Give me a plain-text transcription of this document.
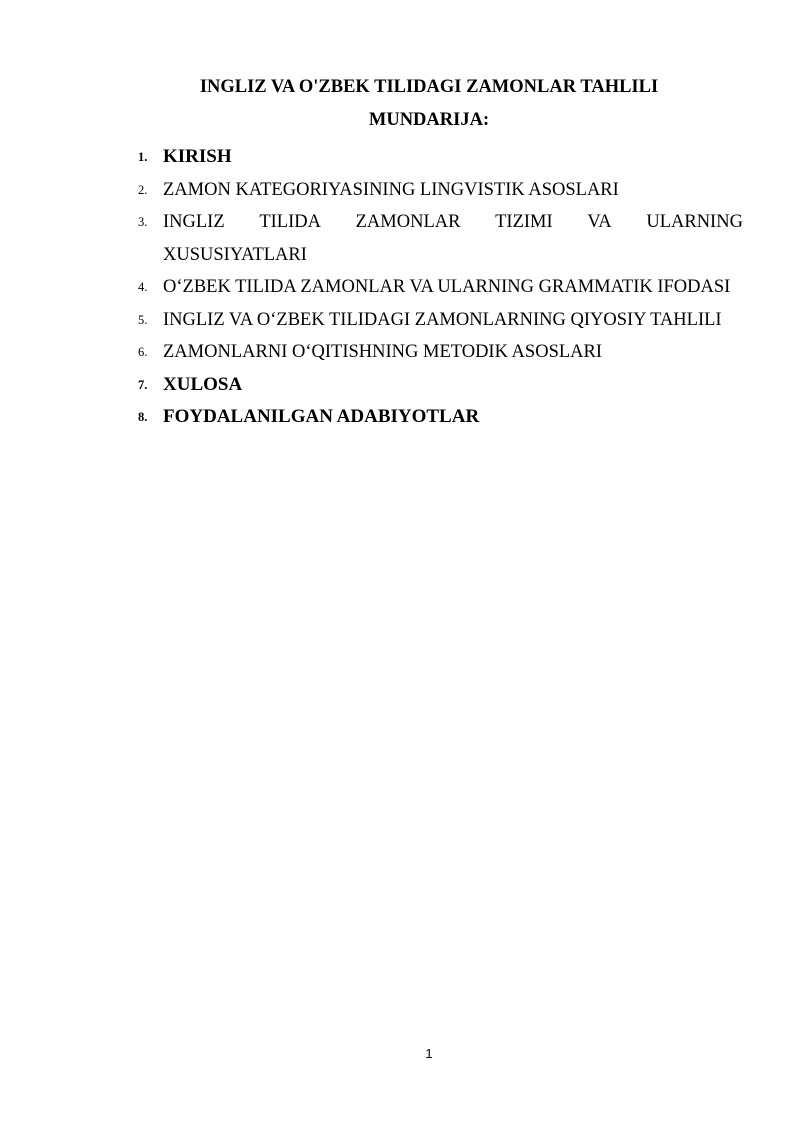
INGLIZ VA O'ZBEK TILIDAGI ZAMONLAR TAHLILI
MUNDARIJA:
1. KIRISH
2. ZAMON KATEGORIYASINING LINGVISTIK ASOSLARI
3. INGLIZ TILIDA ZAMONLAR TIZIMI VA ULARNING
XUSUSIYATLARI
4. O‘ZBEK TILIDA ZAMONLAR VA ULARNING GRAMMATIK IFODASI
5. INGLIZ VA O‘ZBEK TILIDAGI ZAMONLARNING QIYOSIY TAHLILI
6. ZAMONLARNI O‘QITISHNING METODIK ASOSLARI
7. XULOSA
8. FOYDALANILGAN ADABIYOTLAR
1
